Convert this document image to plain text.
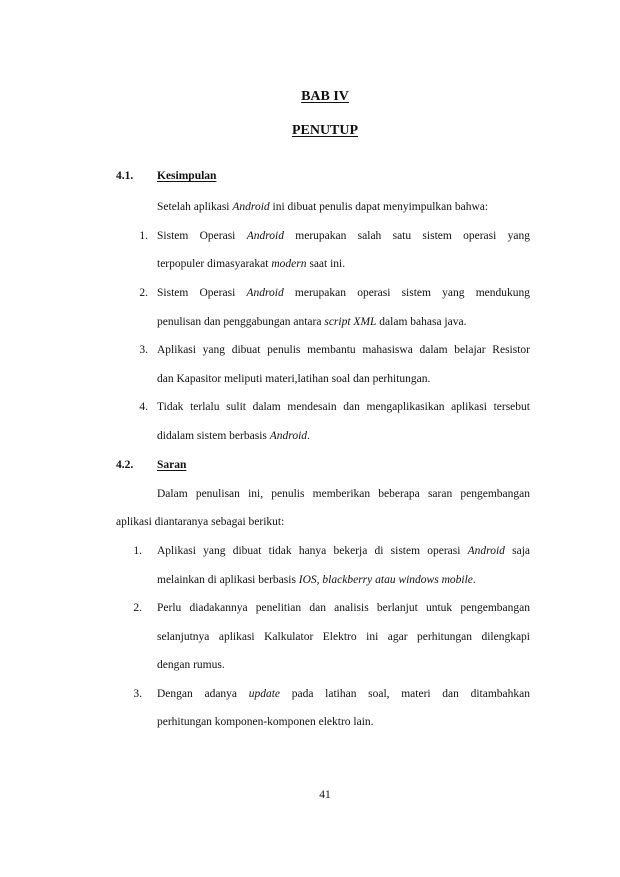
BAB IV
PENUTUP
4.1. Kesimpulan
Setelah aplikasi Android ini dibuat penulis dapat menyimpulkan bahwa:
1. Sistem Operasi Android merupakan salah satu sistem operasi yang
terpopuler dimasyarakat modern saat ini.
2. Sistem Operasi Android merupakan operasi sistem yang mendukung
penulisan dan penggabungan antara script XML dalam bahasa java.
3. Aplikasi yang dibuat penulis membantu mahasiswa dalam belajar Resistor
dan Kapasitor meliputi materi,latihan soal dan perhitungan.
4. Tidak terlalu sulit dalam mendesain dan mengaplikasikan aplikasi tersebut
didalam sistem berbasis Android.
4.2. Saran
Dalam penulisan ini, penulis memberikan beberapa saran pengembangan
aplikasi diantaranya sebagai berikut:
1. Aplikasi yang dibuat tidak hanya bekerja di sistem operasi Android saja
melainkan di aplikasi berbasis IOS, blackberry atau windows mobile.
2. Perlu diadakannya penelitian dan analisis berlanjut untuk pengembangan
selanjutnya aplikasi Kalkulator Elektro ini agar perhitungan dilengkapi
dengan rumus.
3. Dengan adanya update pada latihan soal, materi dan ditambahkan
perhitungan komponen-komponen elektro lain.
41
